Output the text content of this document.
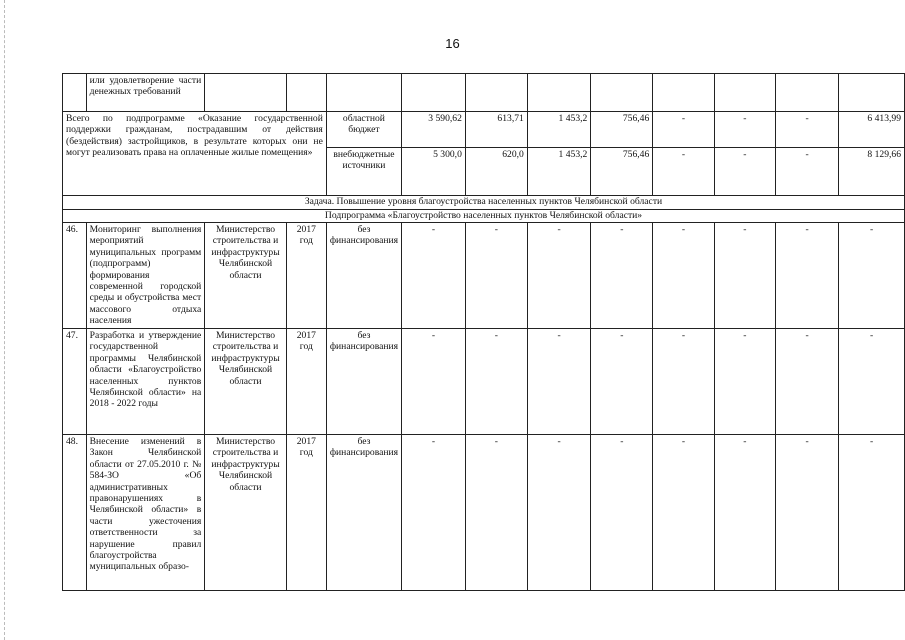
16
	или удовлетворение части денежных требований											
Всего по подпрограмме «Оказание государственной поддержки гражданам, пострадавшим от действия (бездействия) застройщиков, в результате которых они не могут реализовать права на оплаченные жилые помещения»				областной бюджет	3 590,62	613,71	1 453,2	756,46	-	-	-	6 413,99
				внебюджетные источники	5 300,0	620,0	1 453,2	756,46	-	-	-	8 129,66
Задача. Повышение уровня благоустройства населенных пунктов Челябинской области												
Подпрограмма «Благоустройство населенных пунктов Челябинской области»												
46.	Мониторинг выполнения мероприятий муниципальных программ (подпрограмм) формирования современной городской среды и обустройства мест массового отдыха населения	Министерство строительства и инфраструктуры Челябинской области	2017 год	без финансирования	-	-	-	-	-	-	-	-
47.	Разработка и утверждение государственной программы Челябинской области «Благоустройство населенных пунктов Челябинской области» на 2018 - 2022 годы	Министерство строительства и инфраструктуры Челябинской области	2017 год	без финансирования	-	-	-	-	-	-	-	-
48.	Внесение изменений в Закон Челябинской области от 27.05.2010 г. № 584-ЗО «Об административных правонарушениях в Челябинской области» в части ужесточения ответственности за нарушение правил благоустройства муниципальных образо-	Министерство строительства и инфраструктуры Челябинской области	2017 год	без финансирования	-	-	-	-	-	-	-	-
